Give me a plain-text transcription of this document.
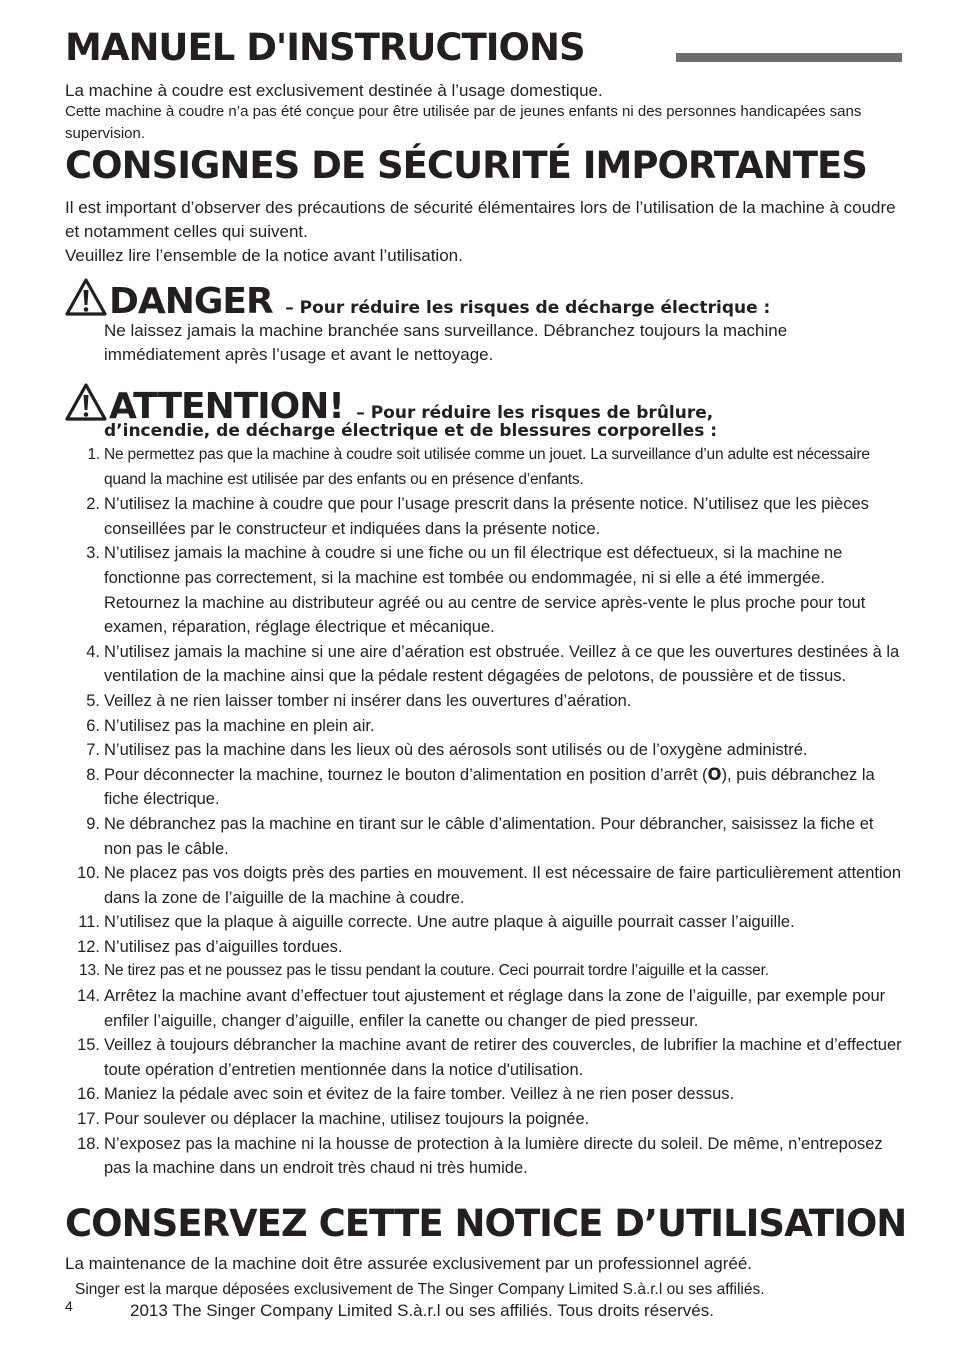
MANUEL D'INSTRUCTIONS
La machine à coudre est exclusivement destinée à l’usage domestique.
Cette machine à coudre n’a pas été conçue pour être utilisée par de jeunes enfants ni des personnes handicapées sans supervision.
CONSIGNES DE SÉCURITÉ IMPORTANTES
Il est important d’observer des précautions de sécurité élémentaires lors de l’utilisation de la machine à coudre et notamment celles qui suivent.
Veuillez lire l’ensemble de la notice avant l’utilisation.
DANGER – Pour réduire les risques de décharge électrique :
Ne laissez jamais la machine branchée sans surveillance. Débranchez toujours la machine immédiatement après l’usage et avant le nettoyage.
ATTENTION! – Pour réduire les risques de brûlure,
d’incendie, de décharge électrique et de blessures corporelles :
1. Ne permettez pas que la machine à coudre soit utilisée comme un jouet. La surveillance d’un adulte est nécessaire quand la machine est utilisée par des enfants ou en présence d’enfants.
2. N’utilisez la machine à coudre que pour l’usage prescrit dans la présente notice. N’utilisez que les pièces conseillées par le constructeur et indiquées dans la présente notice.
3. N’utilisez jamais la machine à coudre si une fiche ou un fil électrique est défectueux, si la machine ne fonctionne pas correctement, si la machine est tombée ou endommagée, ni si elle a été immergée. Retournez la machine au distributeur agréé ou au centre de service après-vente le plus proche pour tout examen, réparation, réglage électrique et mécanique.
4. N’utilisez jamais la machine si une aire d’aération est obstruée. Veillez à ce que les ouvertures destinées à la ventilation de la machine ainsi que la pédale restent dégagées de pelotons, de poussière et de tissus.
5. Veillez à ne rien laisser tomber ni insérer dans les ouvertures d’aération.
6. N’utilisez pas la machine en plein air.
7. N’utilisez pas la machine dans les lieux où des aérosols sont utilisés ou de l’oxygène administré.
8. Pour déconnecter la machine, tournez le bouton d’alimentation en position d’arrêt (O), puis débranchez la fiche électrique.
9. Ne débranchez pas la machine en tirant sur le câble d’alimentation. Pour débrancher, saisissez la fiche et non pas le câble.
10. Ne placez pas vos doigts près des parties en mouvement. Il est nécessaire de faire particulièrement attention dans la zone de l’aiguille de la machine à coudre.
11. N’utilisez que la plaque à aiguille correcte. Une autre plaque à aiguille pourrait casser l’aiguille.
12. N’utilisez pas d’aiguilles tordues.
13. Ne tirez pas et ne poussez pas le tissu pendant la couture. Ceci pourrait tordre l’aiguille et la casser.
14. Arrêtez la machine avant d’effectuer tout ajustement et réglage dans la zone de l’aiguille, par exemple pour enfiler l’aiguille, changer d’aiguille, enfiler la canette ou changer de pied presseur.
15. Veillez à toujours débrancher la machine avant de retirer des couvercles, de lubrifier la machine et d’effectuer toute opération d’entretien mentionnée dans la notice d'utilisation.
16. Maniez la pédale avec soin et évitez de la faire tomber. Veillez à ne rien poser dessus.
17. Pour soulever ou déplacer la machine, utilisez toujours la poignée.
18. N’exposez pas la machine ni la housse de protection à la lumière directe du soleil. De même, n’entreposez pas la machine dans un endroit très chaud ni très humide.
CONSERVEZ CETTE NOTICE D’UTILISATION
La maintenance de la machine doit être assurée exclusivement par un professionnel agréé.
Singer est la marque déposées exclusivement de The Singer Company Limited S.à.r.l ou ses affiliés.
4	2013 The Singer Company Limited S.à.r.l ou ses affiliés. Tous droits réservés.
